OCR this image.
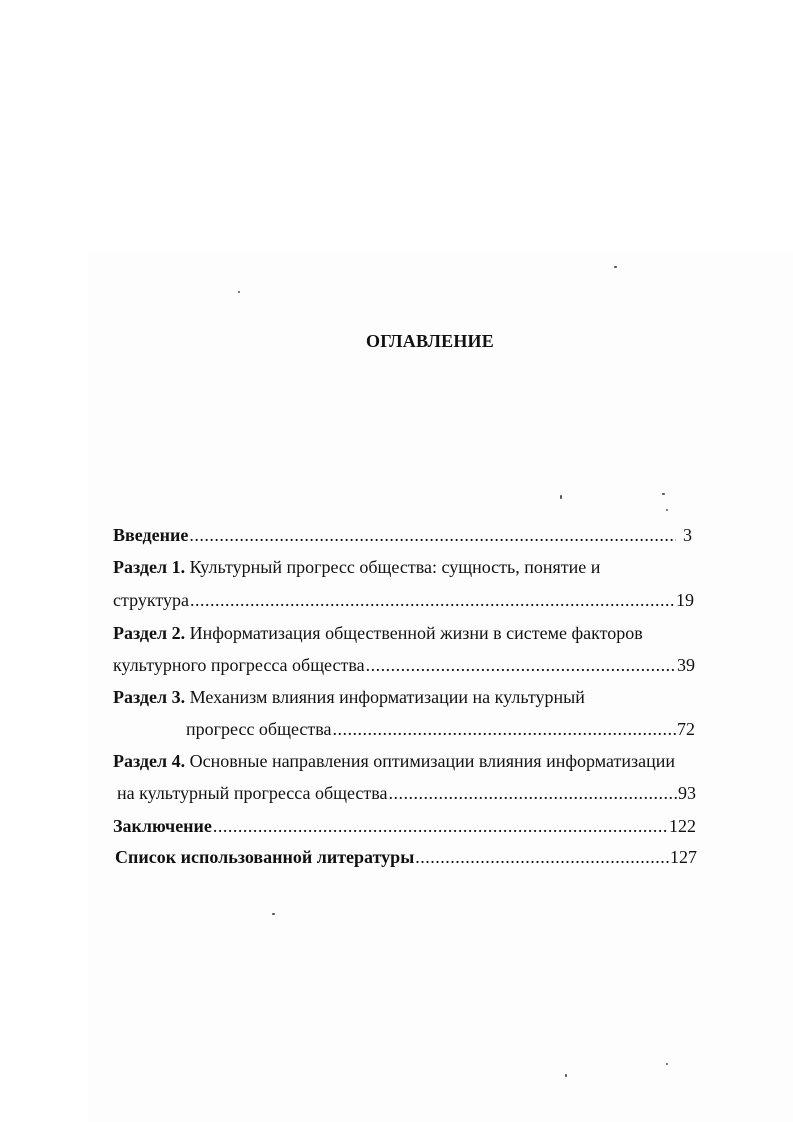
ОГЛАВЛЕНИЕ
Введение .....	3
Раздел 1. Культурный прогресс общества: сущность, понятие и
структура .....	19
Раздел 2. Информатизация общественной жизни в системе факторов
культурного прогресса общества .....	39
Раздел 3. Механизм влияния информатизации на культурный
прогресс общества .....	72
Раздел 4. Основные направления оптимизации влияния информатизации
на культурный прогресса общества .....	93
Заключение .....	122
Список использованной литературы .....	127
